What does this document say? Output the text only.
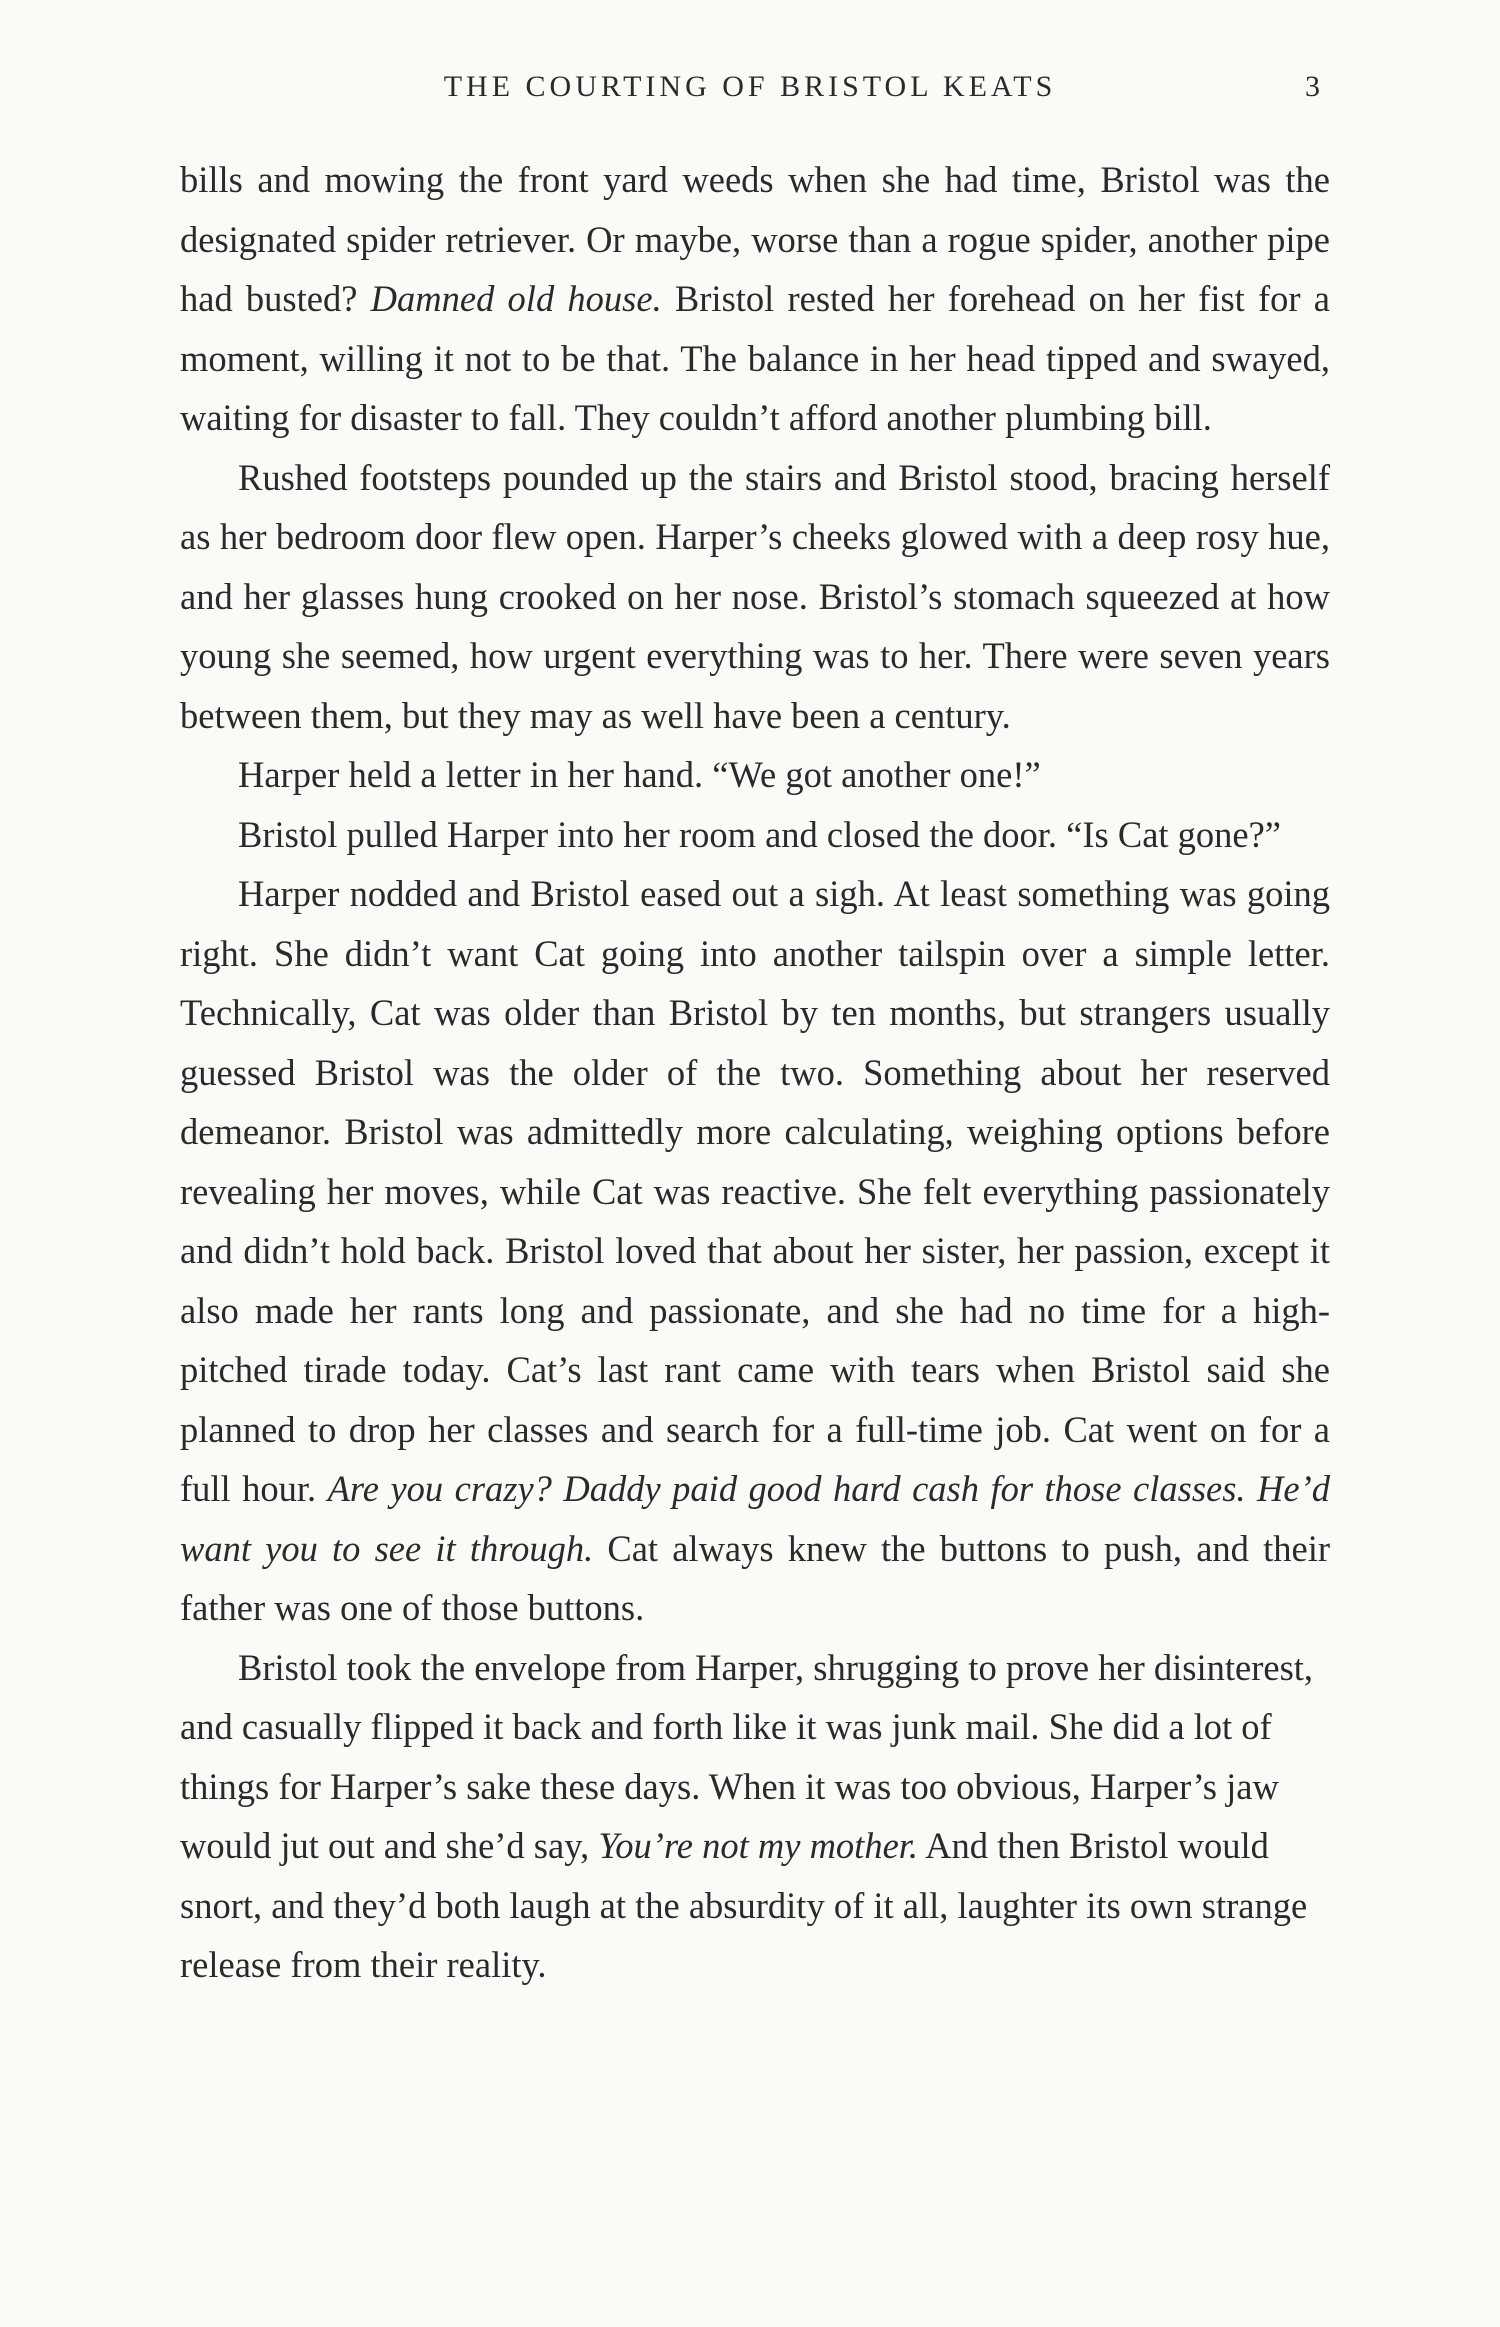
THE COURTING OF BRISTOL KEATS	3

bills and mowing the front yard weeds when she had time, Bristol was the designated spider retriever. Or maybe, worse than a rogue spider, another pipe had busted? Damned old house. Bristol rested her forehead on her fist for a moment, willing it not to be that. The balance in her head tipped and swayed, waiting for disaster to fall. They couldn’t afford another plumbing bill.

Rushed footsteps pounded up the stairs and Bristol stood, bracing herself as her bedroom door flew open. Harper’s cheeks glowed with a deep rosy hue, and her glasses hung crooked on her nose. Bristol’s stomach squeezed at how young she seemed, how urgent everything was to her. There were seven years between them, but they may as well have been a century.

Harper held a letter in her hand. “We got another one!”

Bristol pulled Harper into her room and closed the door. “Is Cat gone?”

Harper nodded and Bristol eased out a sigh. At least something was going right. She didn’t want Cat going into another tailspin over a simple letter. Technically, Cat was older than Bristol by ten months, but strangers usually guessed Bristol was the older of the two. Something about her reserved demeanor. Bristol was admittedly more calculating, weighing options before revealing her moves, while Cat was reactive. She felt everything passionately and didn’t hold back. Bristol loved that about her sister, her passion, except it also made her rants long and passionate, and she had no time for a high-pitched tirade today. Cat’s last rant came with tears when Bristol said she planned to drop her classes and search for a full-time job. Cat went on for a full hour. Are you crazy? Daddy paid good hard cash for those classes. He’d want you to see it through. Cat always knew the buttons to push, and their father was one of those buttons.

Bristol took the envelope from Harper, shrugging to prove her disinterest, and casually flipped it back and forth like it was junk mail. She did a lot of things for Harper’s sake these days. When it was too obvious, Harper’s jaw would jut out and she’d say, You’re not my mother. And then Bristol would snort, and they’d both laugh at the absurdity of it all, laughter its own strange release from their reality.
